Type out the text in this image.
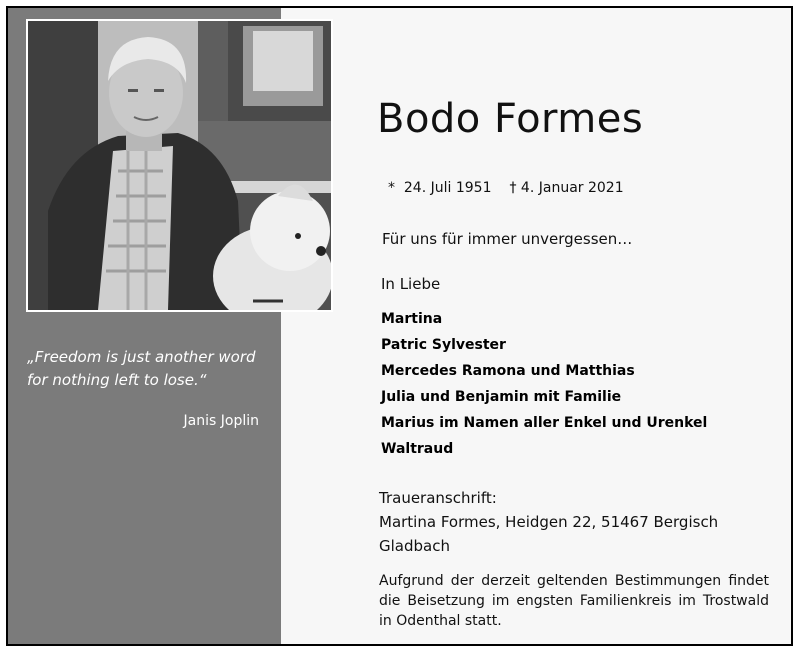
„Freedom is just another word
for nothing left to lose.“
Janis Joplin
Bodo Formes
*  24. Juli 1951 † 4. Januar 2021
Für uns für immer unvergessen…
In Liebe
Martina
Patric Sylvester
Mercedes Ramona und Matthias
Julia und Benjamin mit Familie
Marius im Namen aller Enkel und Urenkel
Waltraud
Traueranschrift:
Martina Formes, Heidgen 22, 51467 Bergisch
Gladbach
Aufgrund der derzeit geltenden Bestimmungen findet die Beisetzung im engsten Familienkreis im Trostwald in Odenthal statt.
